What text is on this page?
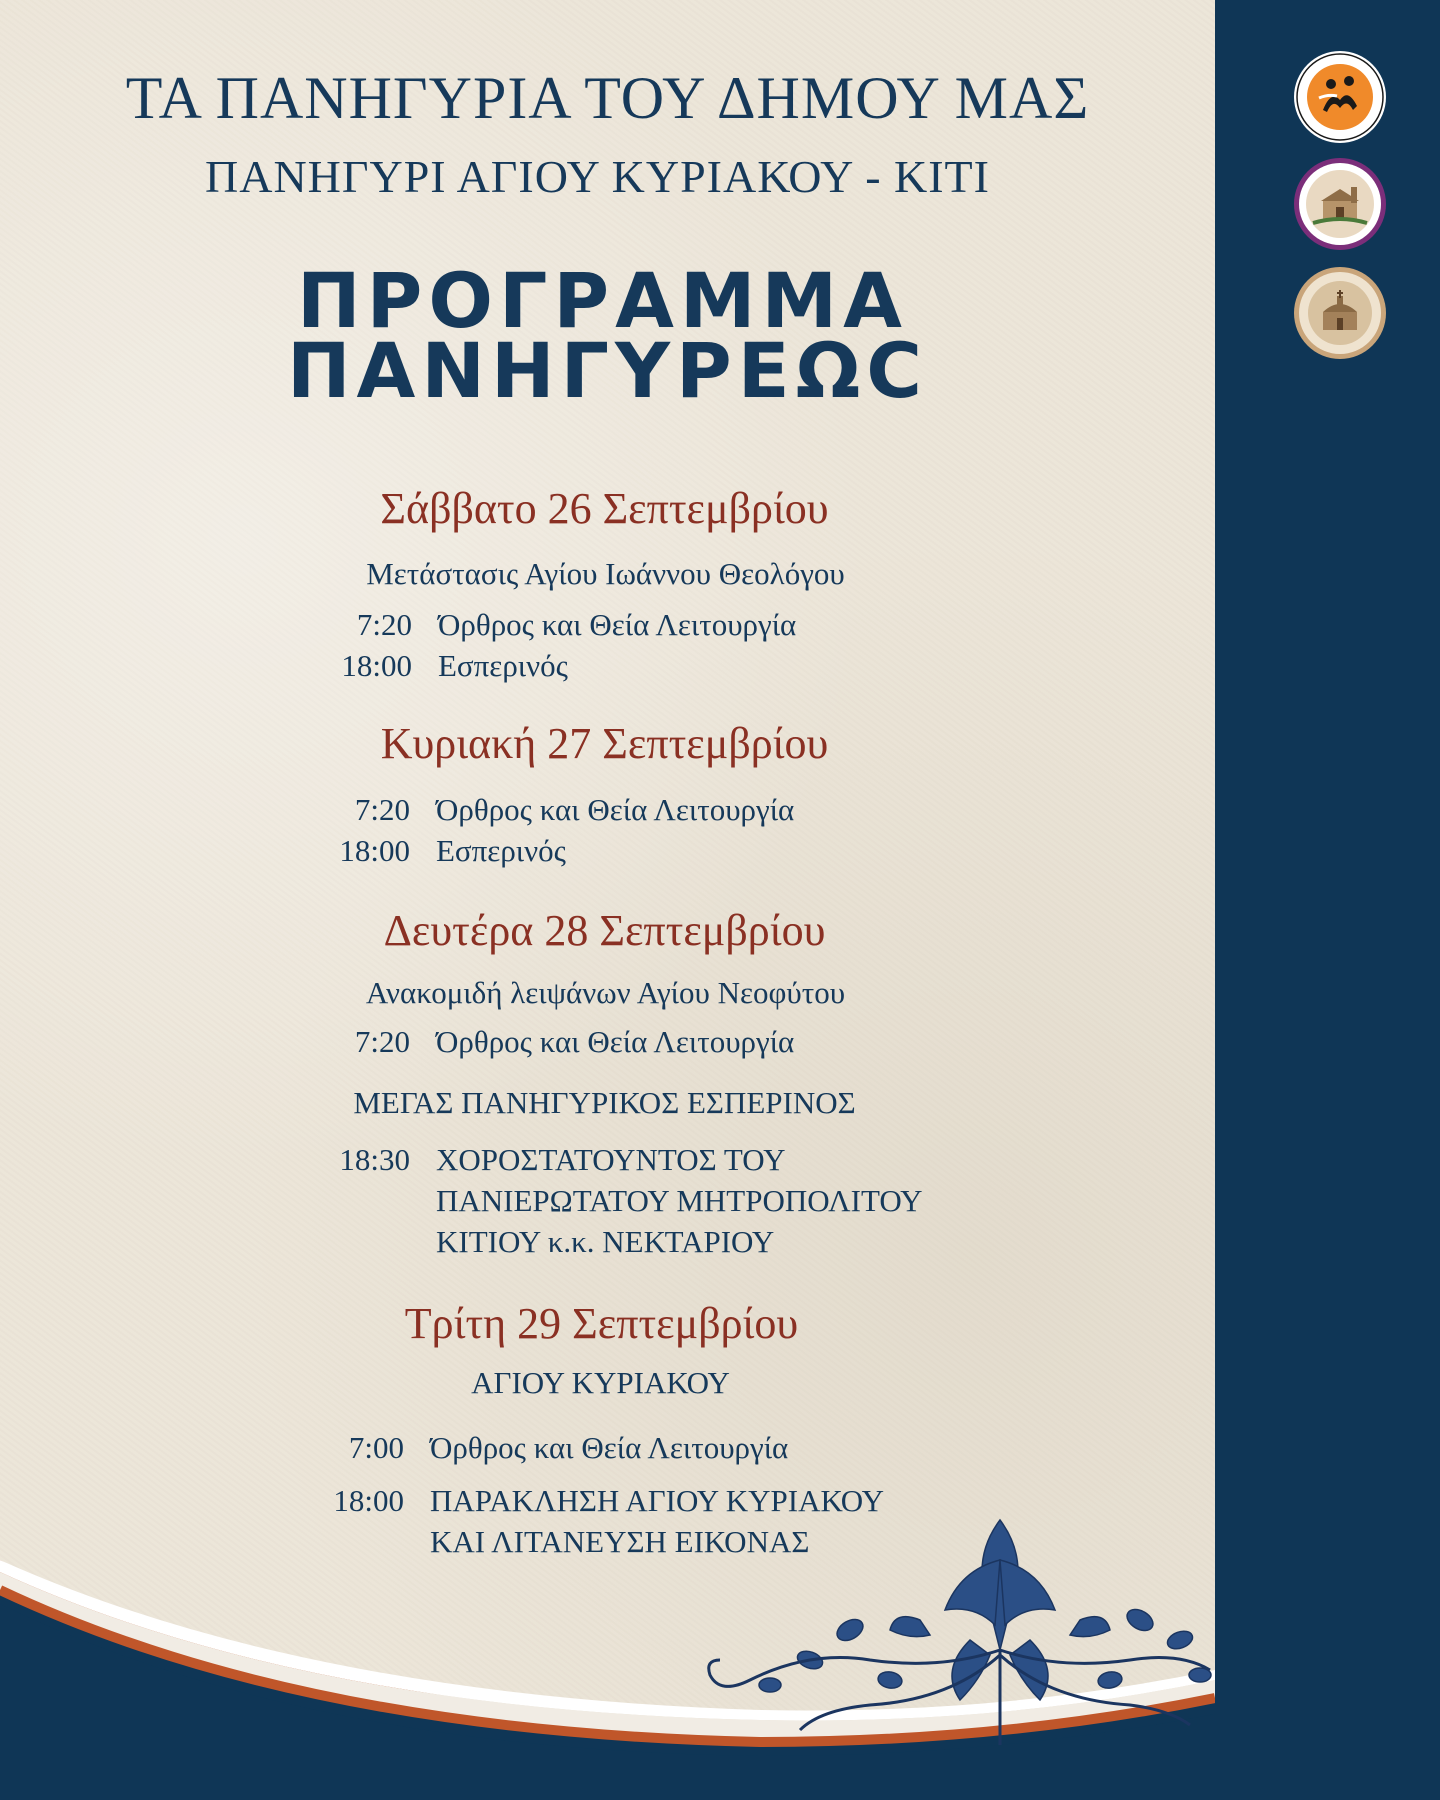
ΤΑ ΠΑΝΗΓΥΡΙΑ ΤΟΥ ΔΗΜΟΥ ΜΑΣ
ΠΑΝΗΓΥΡΙ ΑΓΙΟΥ ΚΥΡΙΑΚΟΥ - ΚΙΤΙ
ΠΡΟΓΡΑΜΜΑ
ΠΑΝΗΓΥΡΕΩϹ
Σάββατο 26 Σεπτεμβρίου
Μετάστασις Αγίου Ιωάννου Θεολόγου
7:20 Όρθρος και Θεία Λειτουργία
18:00 Εσπερινός
Κυριακή 27 Σεπτεμβρίου
7:20 Όρθρος και Θεία Λειτουργία
18:00 Εσπερινός
Δευτέρα 28 Σεπτεμβρίου
Ανακομιδή λειψάνων Αγίου Νεοφύτου
7:20 Όρθρος και Θεία Λειτουργία
ΜΕΓΑΣ ΠΑΝΗΓΥΡΙΚΟΣ ΕΣΠΕΡΙΝΟΣ
18:30 ΧΟΡΟΣΤΑΤΟΥΝΤΟΣ ΤΟΥ
ΠΑΝΙΕΡΩΤΑΤΟΥ ΜΗΤΡΟΠΟΛΙΤΟΥ
ΚΙΤΙΟΥ κ.κ. ΝΕΚΤΑΡΙΟΥ
Τρίτη 29 Σεπτεμβρίου
ΑΓΙΟΥ ΚΥΡΙΑΚΟΥ
7:00 Όρθρος και Θεία Λειτουργία
18:00 ΠΑΡΑΚΛΗΣΗ ΑΓΙΟΥ ΚΥΡΙΑΚΟΥ
ΚΑΙ ΛΙΤΑΝΕΥΣΗ ΕΙΚΟΝΑΣ
